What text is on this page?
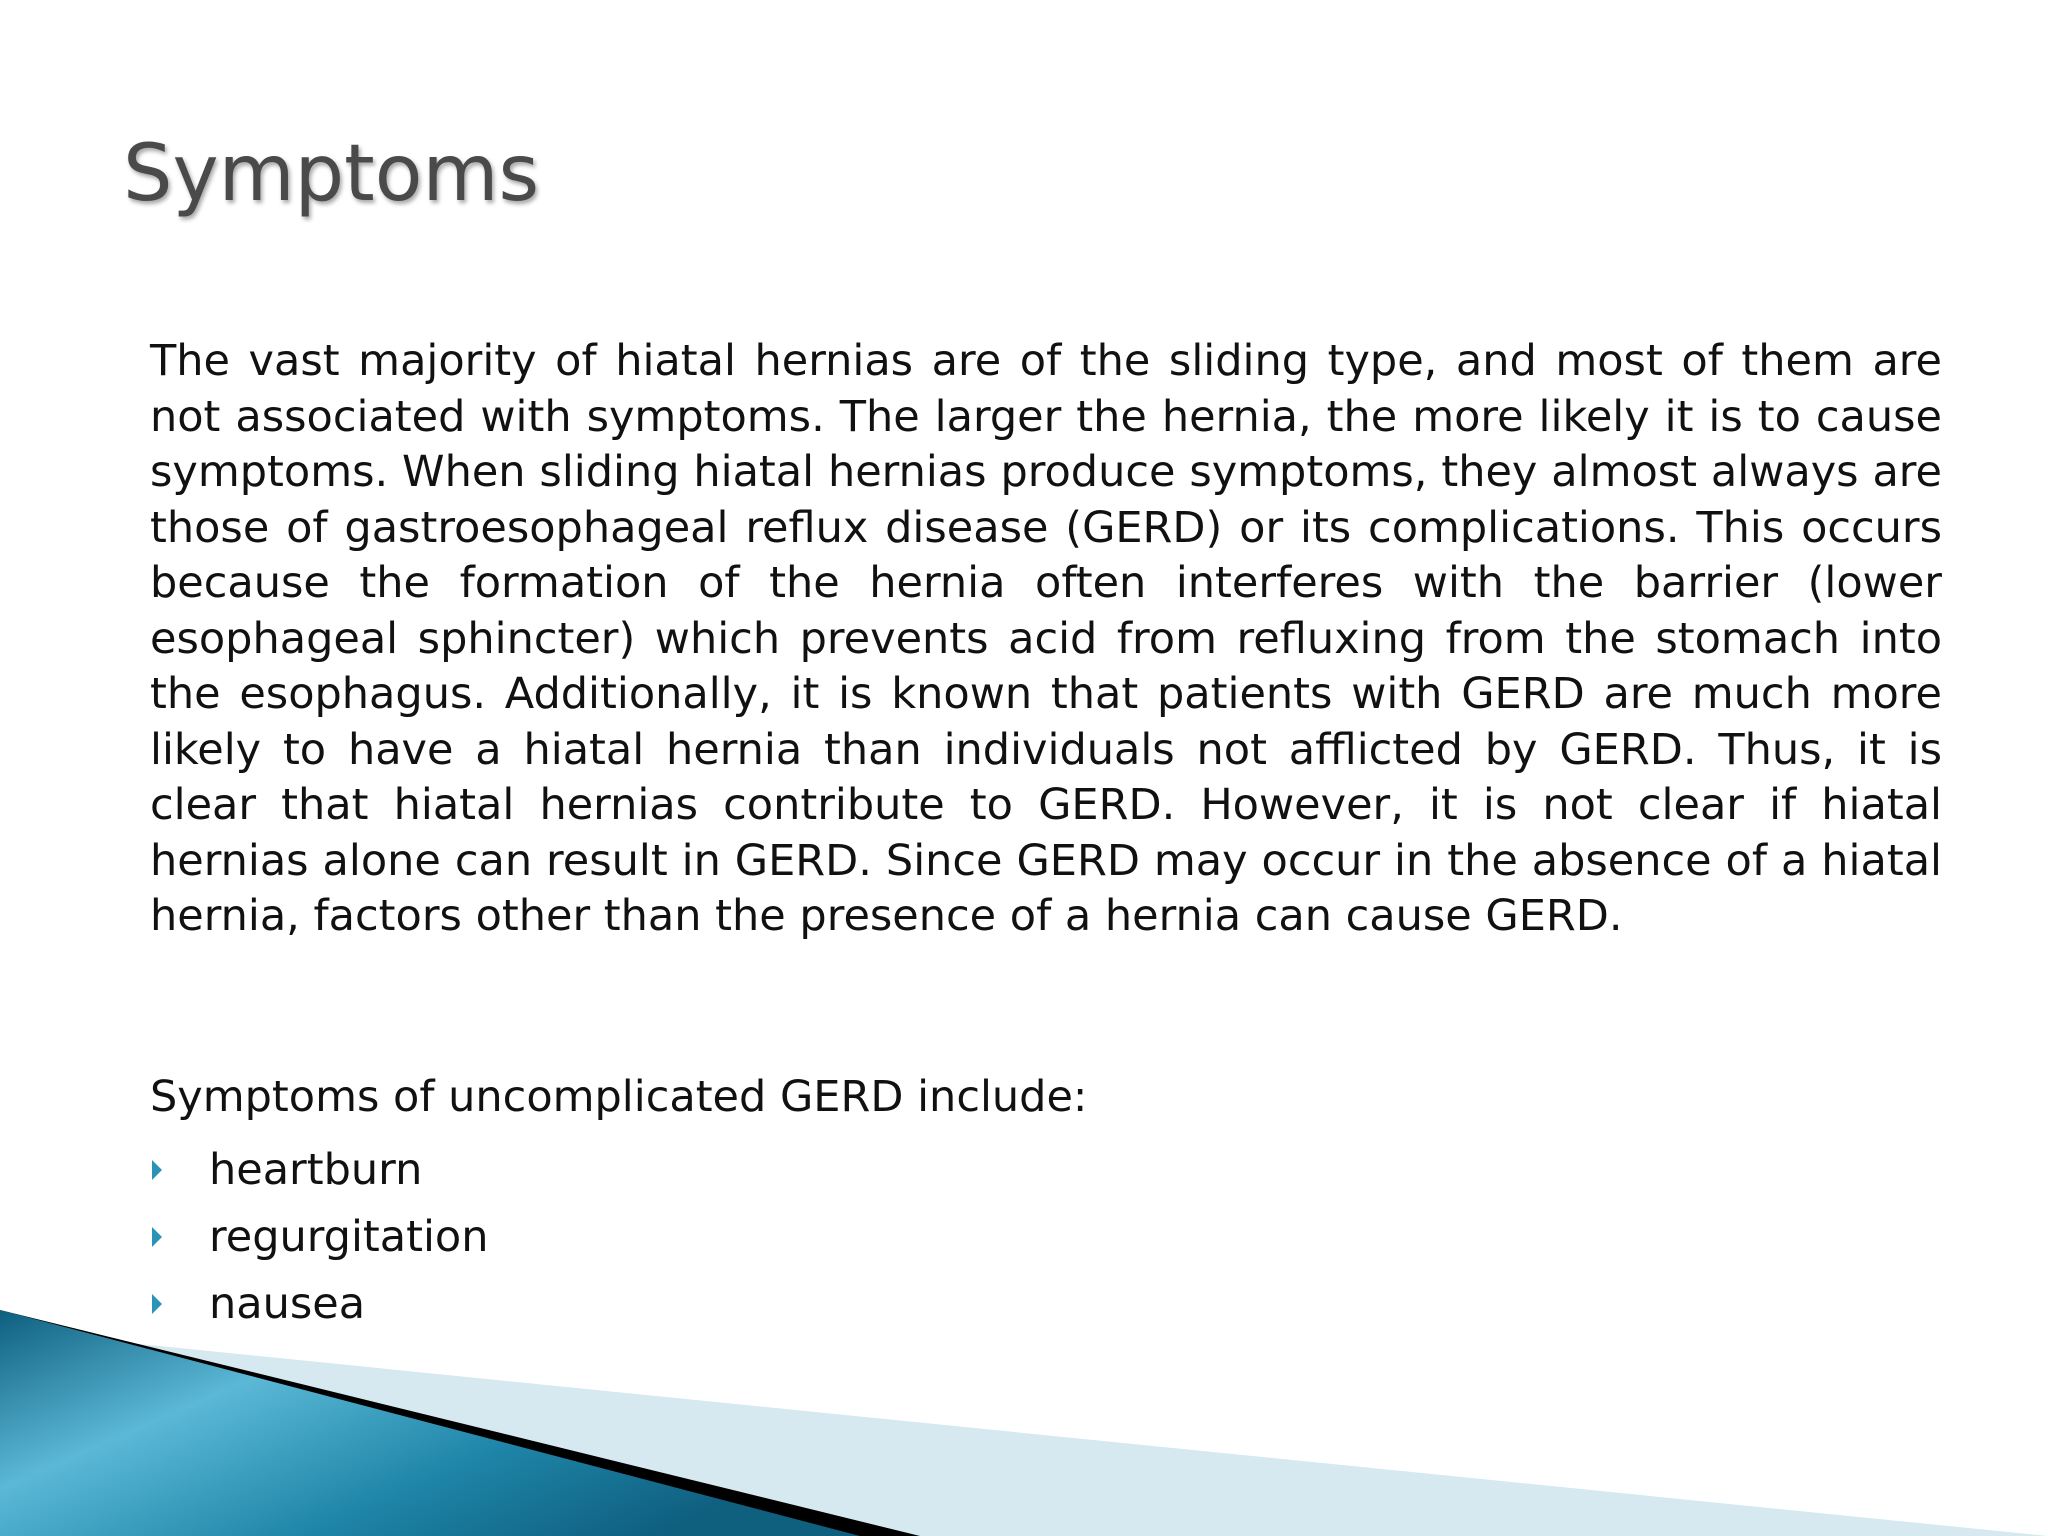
Symptoms

The vast majority of hiatal hernias are of the sliding type, and most of them are not associated with symptoms. The larger the hernia, the more likely it is to cause symptoms. When sliding hiatal hernias produce symptoms, they almost always are those of gastroesophageal reflux disease (GERD) or its complications. This occurs because the formation of the hernia often interferes with the barrier (lower esophageal sphincter) which prevents acid from refluxing from the stomach into the esophagus. Additionally, it is known that patients with GERD are much more likely to have a hiatal hernia than individuals not afflicted by GERD. Thus, it is clear that hiatal hernias contribute to GERD. However, it is not clear if hiatal hernias alone can result in GERD. Since GERD may occur in the absence of a hiatal hernia, factors other than the presence of a hernia can cause GERD.

Symptoms of uncomplicated GERD include:

heartburn
regurgitation
nausea
